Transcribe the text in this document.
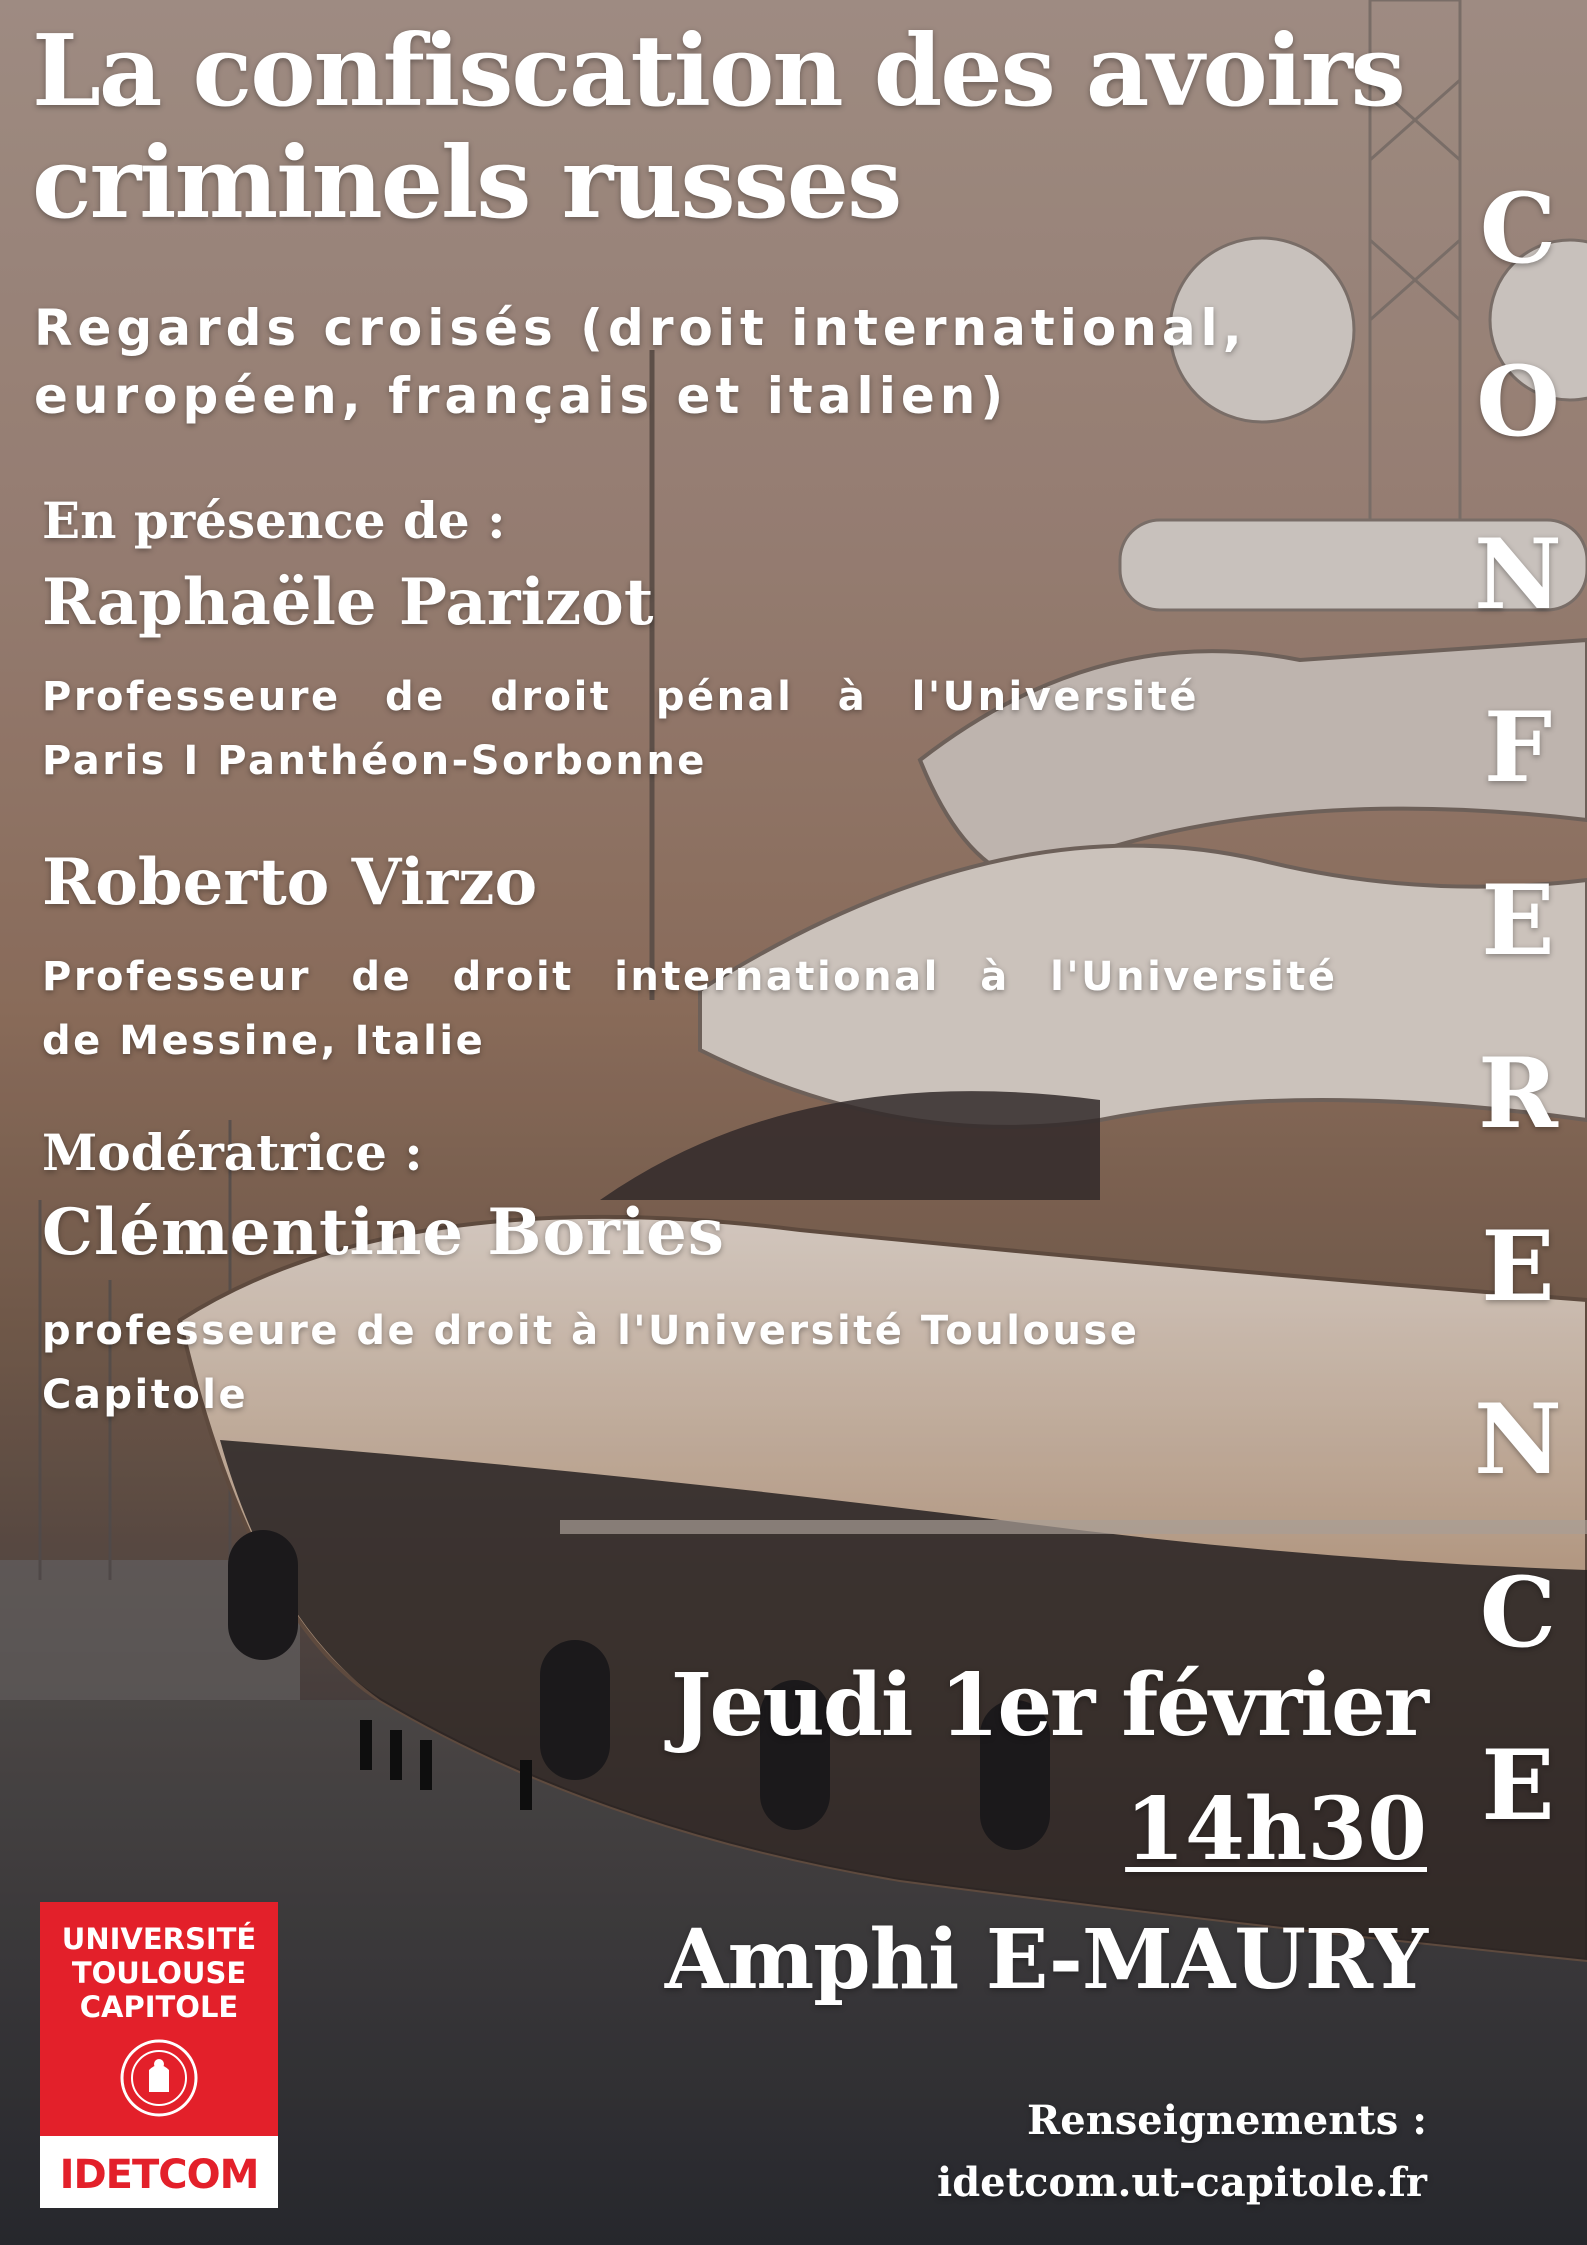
La confiscation des avoirs
criminels russes
Regards croisés (droit international,
européen, français et italien)
En présence de :
Raphaële Parizot
Professeure de droit pénal à l'Université
Paris I Panthéon-Sorbonne
Roberto Virzo
Professeur de droit international à l'Université
de Messine, Italie
Modératrice :
Clémentine Bories
professeure de droit à l'Université Toulouse
Capitole
C
O
N
F
E
R
E
N
C
E
Jeudi 1er février
14h30
Amphi E-MAURY
Renseignements :
idetcom.ut-capitole.fr
UNIVERSITÉ
TOULOUSE
CAPITOLE
IDETCOM
